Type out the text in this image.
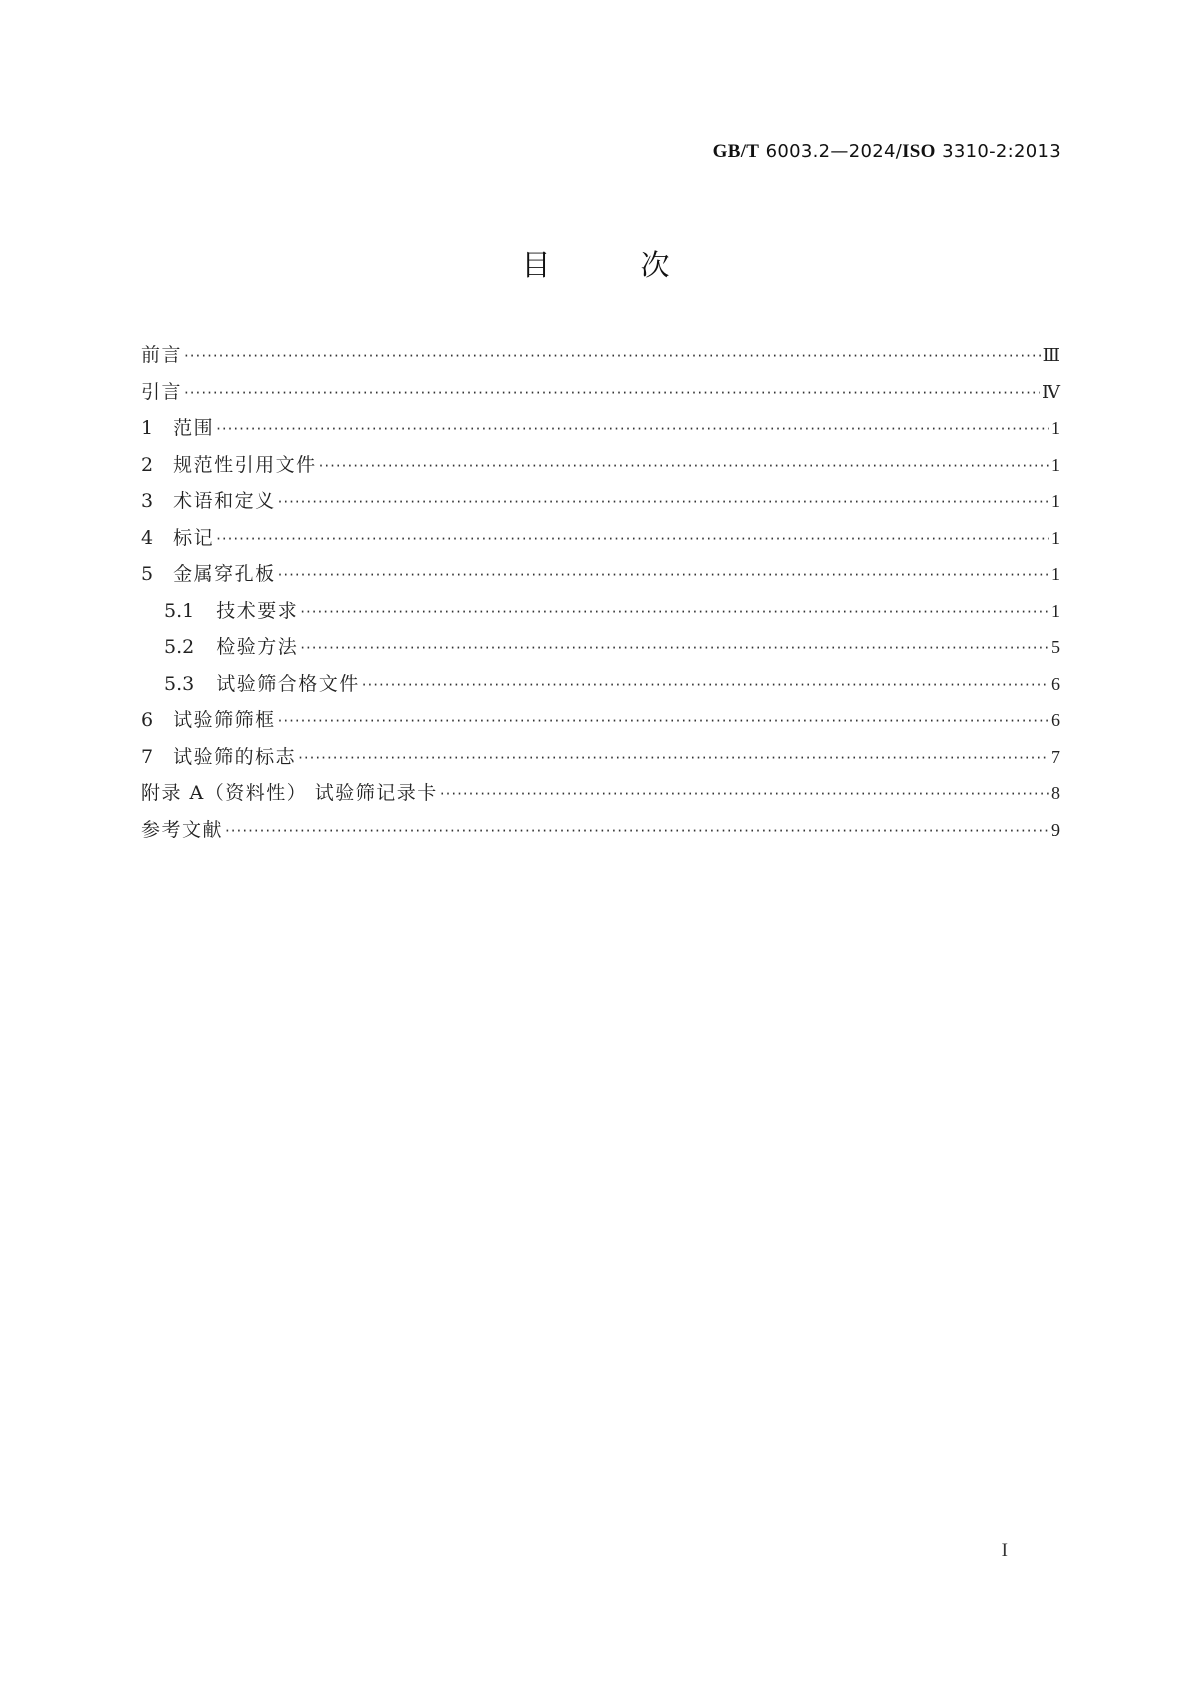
GB/T 6003.2—2024/ISO 3310-2:2013
目	次
前言 ·····	Ⅲ
引言 ·····	Ⅳ
1 范围 ·····	1
2 规范性引用文件 ·····	1
3 术语和定义 ·····	1
4 标记 ·····	1
5 金属穿孔板 ·····	1
5.1 技术要求 ·····	1
5.2 检验方法 ·····	5
5.3 试验筛合格文件 ·····	6
6 试验筛筛框 ·····	6
7 试验筛的标志 ·····	7
附录 A（资料性） 试验筛记录卡 ·····	8
参考文献 ·····	9
I
